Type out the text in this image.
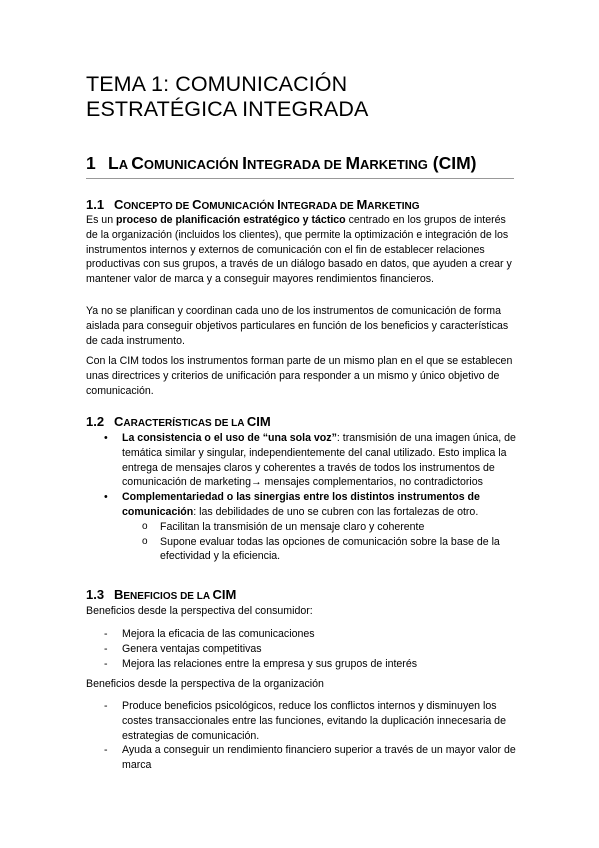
TEMA 1: COMUNICACIÓN
ESTRATÉGICA INTEGRADA
1 LA COMUNICACIÓN INTEGRADA DE MARKETING (CIM)
1.1 CONCEPTO DE COMUNICACIÓN INTEGRADA DE MARKETING
Es un proceso de planificación estratégico y táctico centrado en los grupos de interés de la organización (incluidos los clientes), que permite la optimización e integración de los instrumentos internos y externos de comunicación con el fin de establecer relaciones productivas con sus grupos, a través de un diálogo basado en datos, que ayuden a crear y mantener valor de marca y a conseguir mayores rendimientos financieros.
Ya no se planifican y coordinan cada uno de los instrumentos de comunicación de forma aislada para conseguir objetivos particulares en función de los beneficios y características de cada instrumento.
Con la CIM todos los instrumentos forman parte de un mismo plan en el que se establecen unas directrices y criterios de unificación para responder a un mismo y único objetivo de comunicación.
1.2 CARACTERÍSTICAS DE LA CIM
• La consistencia o el uso de “una sola voz”: transmisión de una imagen única, de temática similar y singular, independientemente del canal utilizado. Esto implica la entrega de mensajes claros y coherentes a través de todos los instrumentos de comunicación de marketing→ mensajes complementarios, no contradictorios
• Complementariedad o las sinergias entre los distintos instrumentos de comunicación: las debilidades de uno se cubren con las fortalezas de otro.
o Facilitan la transmisión de un mensaje claro y coherente
o Supone evaluar todas las opciones de comunicación sobre la base de la efectividad y la eficiencia.
1.3 BENEFICIOS DE LA CIM
Beneficios desde la perspectiva del consumidor:
- Mejora la eficacia de las comunicaciones
- Genera ventajas competitivas
- Mejora las relaciones entre la empresa y sus grupos de interés
Beneficios desde la perspectiva de la organización
- Produce beneficios psicológicos, reduce los conflictos internos y disminuyen los costes transaccionales entre las funciones, evitando la duplicación innecesaria de estrategias de comunicación.
- Ayuda a conseguir un rendimiento financiero superior a través de un mayor valor de marca
